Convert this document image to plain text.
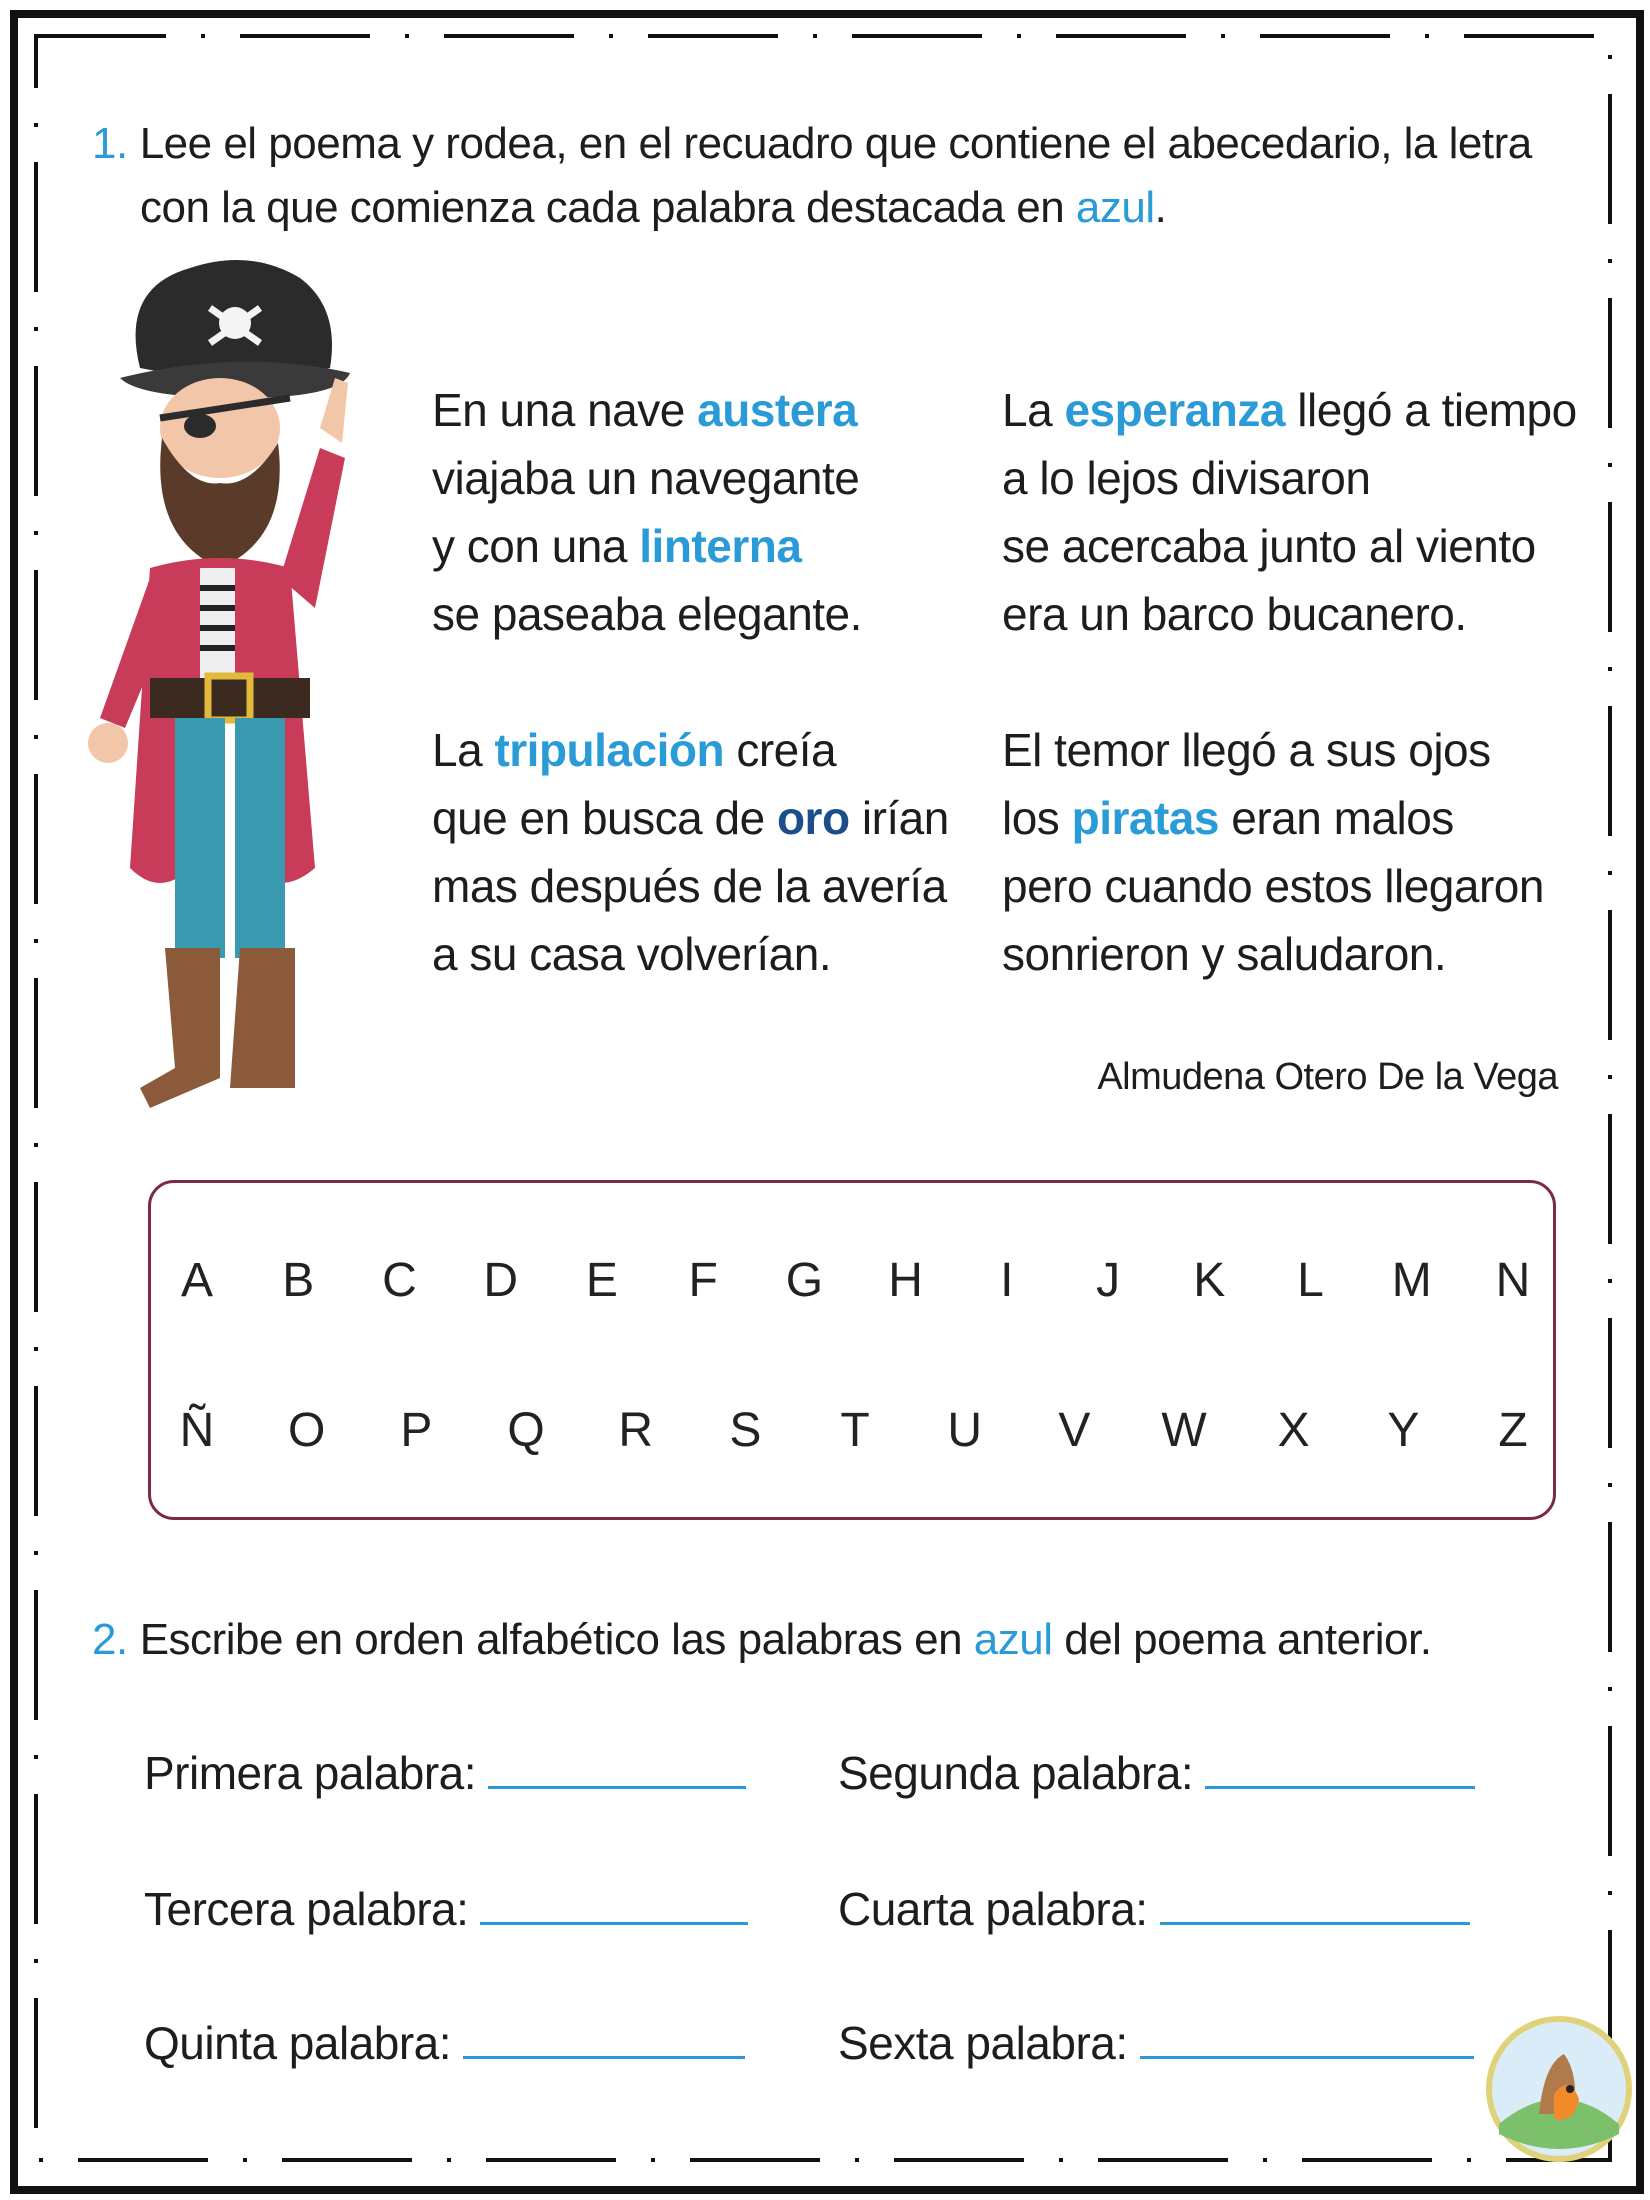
1. Lee el poema y rodea, en el recuadro que contiene el abecedario, la letra
con la que comienza cada palabra destacada en azul.
En una nave austera
viajaba un navegante
y con una linterna
se paseaba elegante.
La tripulación creía
que en busca de oro irían
mas después de la avería
a su casa volverían.
La esperanza llegó a tiempo
a lo lejos divisaron
se acercaba junto al viento
era un barco bucanero.
El temor llegó a sus ojos
los piratas eran malos
pero cuando estos llegaron
sonrieron y saludaron.
Almudena Otero De la Vega
A B C D E	F	G H	I	J	K	L	M N
Ñ O P Q R S	T	U V W X Y	Z
2. Escribe en orden alfabético las palabras en azul del poema anterior.
Primera palabra:	Segunda palabra:
Tercera palabra:	Cuarta palabra:
Quinta palabra:	Sexta palabra:
